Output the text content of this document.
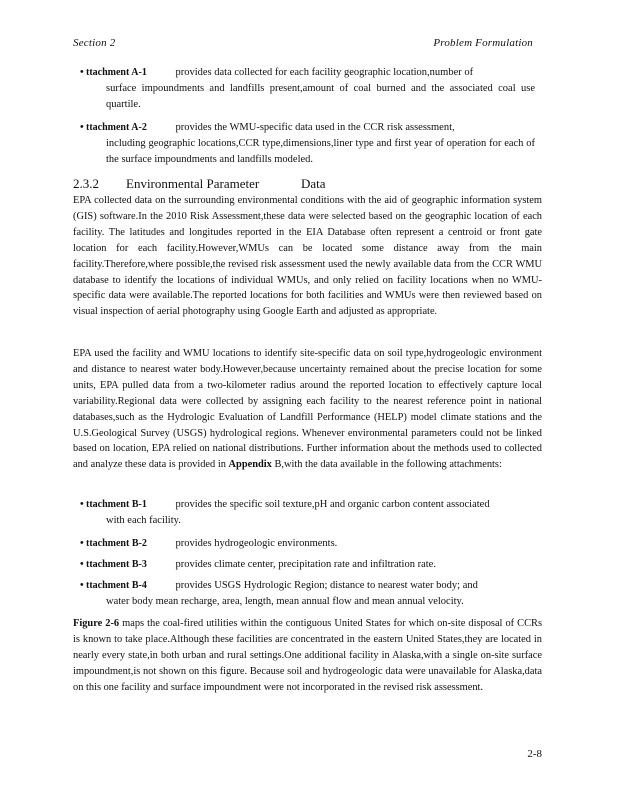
Section 2	Problem Formulation
• ttachment A-1	provides data collected for each facility geographic location,number of
surface impoundments and landfills present,amount of coal burned and the associated coal use quartile.
• ttachment A-2	provides the WMU-specific data used in the CCR risk assessment,
including geographic locations,CCR type,dimensions,liner type and first year of operation for each of the surface impoundments and landfills modeled.
2.3.2	Environmental Parameter	Data
EPA collected data on the surrounding environmental conditions with the aid of geographic information system (GIS) software.In the 2010 Risk Assessment,these data were selected based on the geographic location of each facility. The latitudes and longitudes reported in the EIA Database often represent a centroid or front gate location for each facility.However,WMUs can be located some distance away from the main facility.Therefore,where possible,the revised risk assessment used the newly available data from the CCR WMU database to identify the locations of individual WMUs, and only relied on facility locations when no WMU-specific data were available.The reported locations for both facilities and WMUs were then reviewed based on visual inspection of aerial photography using Google Earth and adjusted as appropriate.
EPA used the facility and WMU locations to identify site-specific data on soil type,hydrogeologic environment and distance to nearest water body.However,because uncertainty remained about the precise location for some units, EPA pulled data from a two-kilometer radius around the reported location to effectively capture local variability.Regional data were collected by assigning each facility to the nearest reference point in national databases,such as the Hydrologic Evaluation of Landfill Performance (HELP) model climate stations and the U.S.Geological Survey (USGS) hydrological regions. Whenever environmental parameters could not be linked based on location, EPA relied on national distributions. Further information about the methods used to collected and analyze these data is provided in Appendix B,with the data available in the following attachments:
• ttachment B-1	provides the specific soil texture,pH and organic carbon content associated
with each facility.
• ttachment B-2	provides hydrogeologic environments.
• ttachment B-3	provides climate center, precipitation rate and infiltration rate.
• ttachment B-4	provides USGS Hydrologic Region; distance to nearest water body; and
water body mean recharge, area, length, mean annual flow and mean annual velocity.
Figure 2-6 maps the coal-fired utilities within the contiguous United States for which on-site disposal of CCRs is known to take place.Although these facilities are concentrated in the eastern United States,they are located in nearly every state,in both urban and rural settings.One additional facility in Alaska,with a single on-site surface impoundment,is not shown on this figure. Because soil and hydrogeologic data were unavailable for Alaska,data on this one facility and surface impoundment were not incorporated in the revised risk assessment.
2-8
